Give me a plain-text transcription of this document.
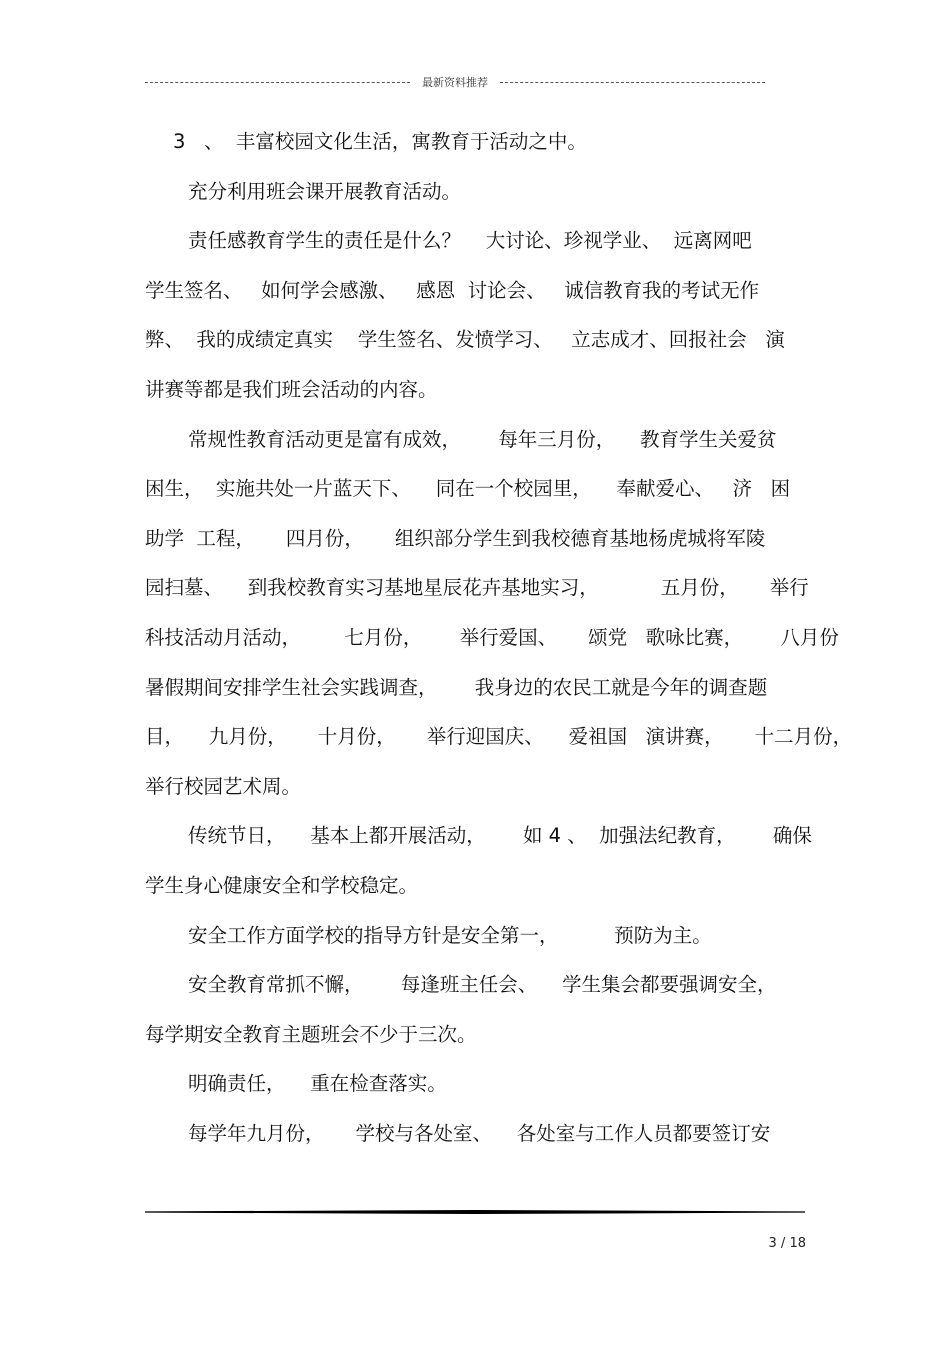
最新资料推荐
3   、  丰富校园文化生活，寓教育于活动之中。
充分利用班会课开展教育活动。
责任感教育学生的责任是什么？    大讨论、珍视学业、  远离网吧
学生签名、   如何学会感激、   感恩  讨论会、   诚信教育我的考试无作
弊、  我的成绩定真实    学生签名、发愤学习、   立志成才、回报社会   演
讲赛等都是我们班会活动的内容。
常规性教育活动更是富有成效，      每年三月份，    教育学生关爱贫
困生，  实施共处一片蓝天下、    同在一个校园里，    奉献爱心、   济   困
助学  工程，     四月份，     组织部分学生到我校德育基地杨虎城将军陵
园扫墓、    到我校教育实习基地星辰花卉基地实习，          五月份，     举行
科技活动月活动，       七月份，      举行爱国、     颂党   歌咏比赛，      八月份
暑假期间安排学生社会实践调查，      我身边的农民工就是今年的调查题
目，    九月份，     十月份，     举行迎国庆、    爱祖国   演讲赛，     十二月份，
举行校园艺术周。
传统节日，    基本上都开展活动，      如 4 、  加强法纪教育，      确保
学生身心健康安全和学校稳定。
安全工作方面学校的指导方针是安全第一，         预防为主。
安全教育常抓不懈，      每逢班主任会、    学生集会都要强调安全，
每学期安全教育主题班会不少于三次。
明确责任，    重在检查落实。
每学年九月份，     学校与各处室、    各处室与工作人员都要签订安
3 / 18
